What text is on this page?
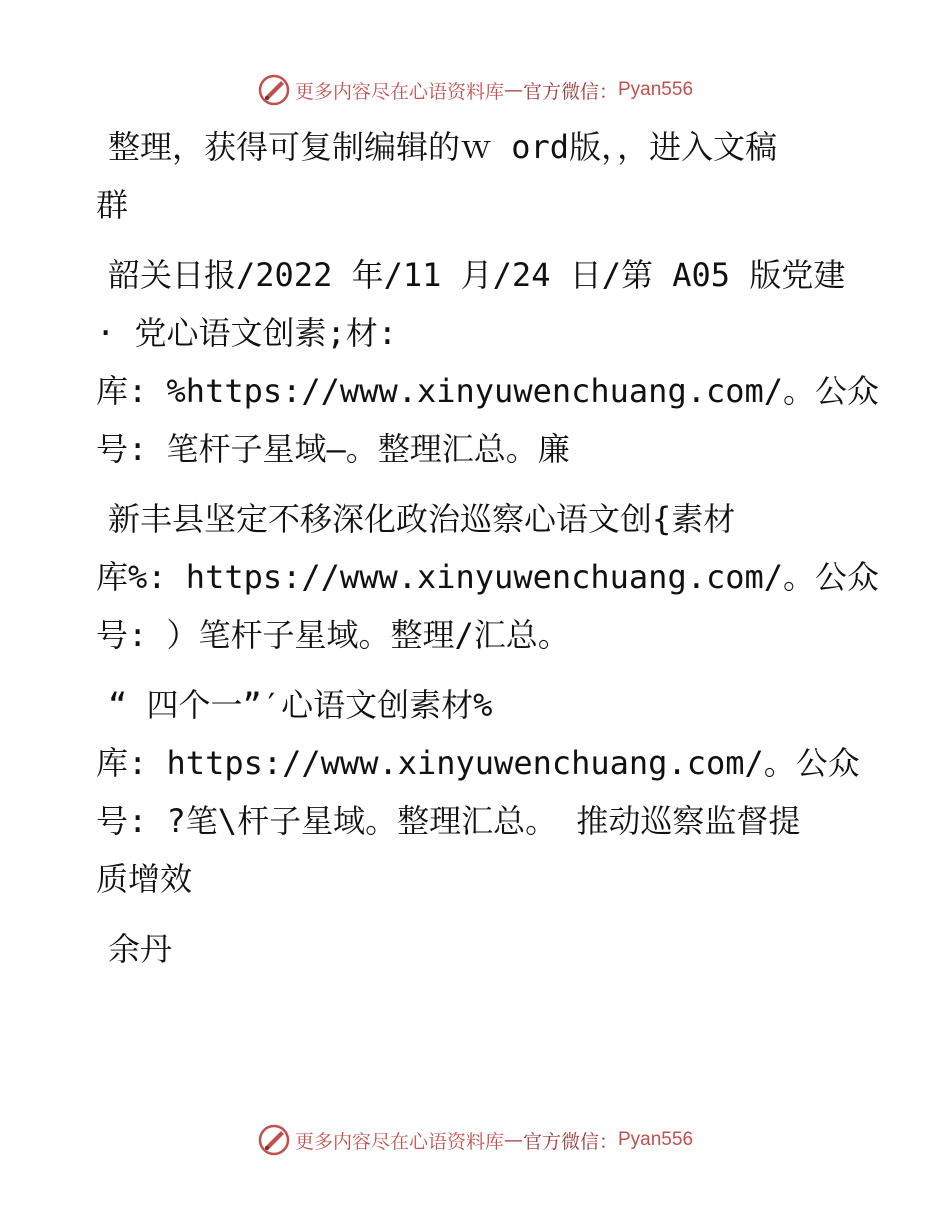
更多内容尽在心语资料库 — 官方微信： Pyan556
整理，获得可复制编辑的ｗ ord版，，进入文稿
群
韶关日报/2022 年/11 月/24 日/第 A05 版党建
· 党心语文创素;材:
库: %https://www.xinyuwenchuang.com/。公众
号: 笔杆子星域—。整理汇总。廉
新丰县坚定不移深化政治巡察心语文创{素材
库%: https://www.xinyuwenchuang.com/。公众
号: ）笔杆子星域。整理/汇总。
“ 四个一”′心语文创素材%
库: https://www.xinyuwenchuang.com/。公众
号: ?笔\杆子星域。整理汇总。 推动巡察监督提
质增效
余丹
更多内容尽在心语资料库 — 官方微信： Pyan556
